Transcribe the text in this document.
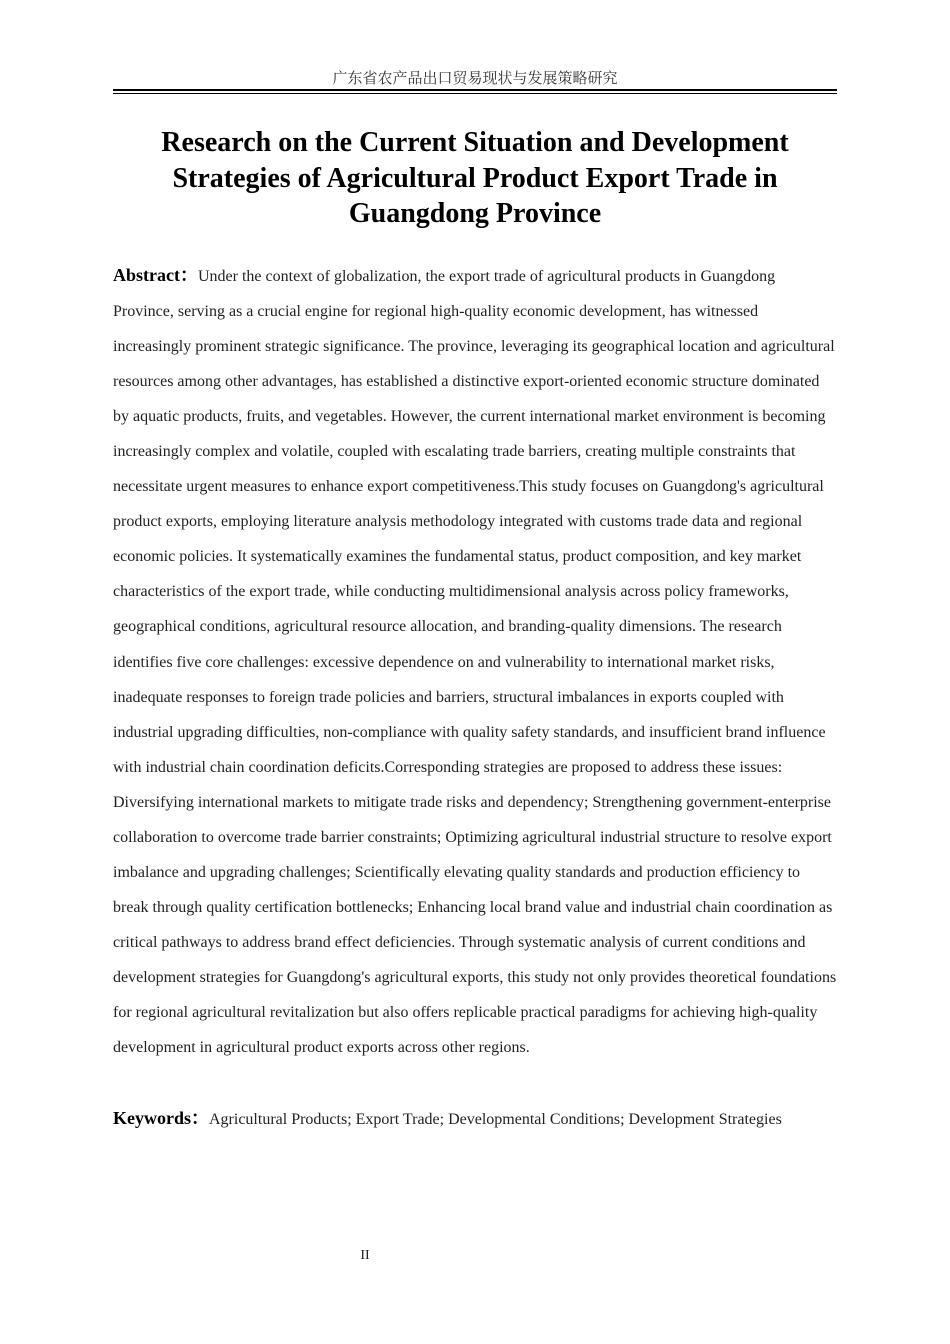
广东省农产品出口贸易现状与发展策略研究
Research on the Current Situation and Development Strategies of Agricultural Product Export Trade in Guangdong Province

Abstract：Under the context of globalization, the export trade of agricultural products in Guangdong Province, serving as a crucial engine for regional high-quality economic development, has witnessed increasingly prominent strategic significance. The province, leveraging its geographical location and agricultural resources among other advantages, has established a distinctive export-oriented economic structure dominated by aquatic products, fruits, and vegetables. However, the current international market environment is becoming increasingly complex and volatile, coupled with escalating trade barriers, creating multiple constraints that necessitate urgent measures to enhance export competitiveness.This study focuses on Guangdong's agricultural product exports, employing literature analysis methodology integrated with customs trade data and regional economic policies. It systematically examines the fundamental status, product composition, and key market characteristics of the export trade, while conducting multidimensional analysis across policy frameworks, geographical conditions, agricultural resource allocation, and branding-quality dimensions. The research identifies five core challenges: excessive dependence on and vulnerability to international market risks, inadequate responses to foreign trade policies and barriers, structural imbalances in exports coupled with industrial upgrading difficulties, non-compliance with quality safety standards, and insufficient brand influence with industrial chain coordination deficits.Corresponding strategies are proposed to address these issues: Diversifying international markets to mitigate trade risks and dependency; Strengthening government-enterprise collaboration to overcome trade barrier constraints; Optimizing agricultural industrial structure to resolve export imbalance and upgrading challenges; Scientifically elevating quality standards and production efficiency to break through quality certification bottlenecks; Enhancing local brand value and industrial chain coordination as critical pathways to address brand effect deficiencies. Through systematic analysis of current conditions and development strategies for Guangdong's agricultural exports, this study not only provides theoretical foundations for regional agricultural revitalization but also offers replicable practical paradigms for achieving high-quality development in agricultural product exports across other regions.

Keywords：Agricultural Products; Export Trade; Developmental Conditions; Development Strategies

II
